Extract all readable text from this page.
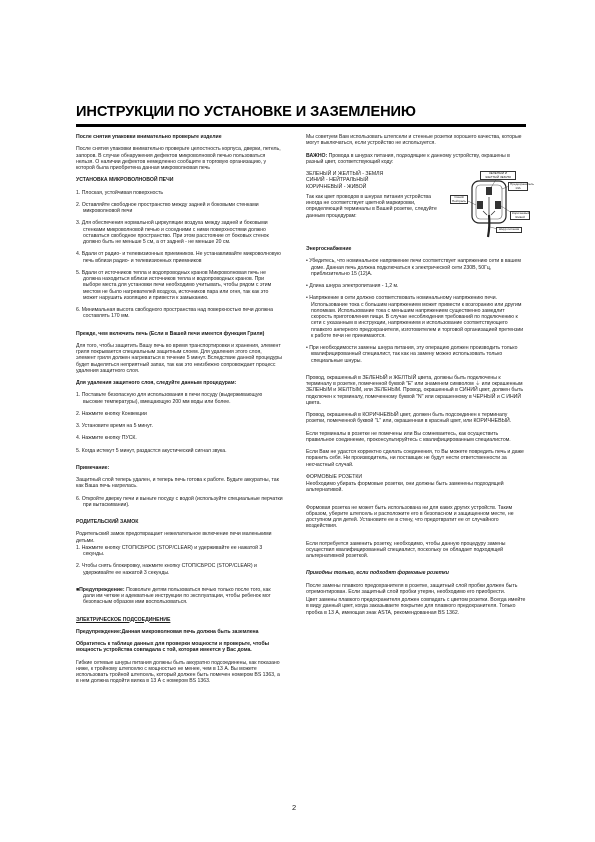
ИНСТРУКЦИИ ПО УСТАНОВКЕ И ЗАЗЕМЛЕНИЮ

После снятия упаковки внимательно проверьте изделие

После снятия упаковки внимательно проверьте целостность корпуса, дверки, петель, запоров. В случае обнаружения дефектов микроволновой печью пользоваться нельзя. О наличии дефектов немедленно сообщите в торговую организацию, у которой была приобретена данная микроволновая печь

УСТАНОВКА МИКРОВОЛНОВОЙ ПЕЧИ

1. Плоская, устойчивая поверхность

2. Оставляйте свободное пространство между задней и боковыми стенками микроволновой печи

3. Для обеспечения нормальной циркуляции воздуха между задней и боковыми стенками микроволновой печью и соседними с ними поверхностями должно оставаться свободное пространство. При этом расстояние от боковых стенок должно быть не меньше 5 см, а от задней - не меньше 20 см.

4. Вдали от радио- и телевизионных приемников. Не устанавливайте микроволновую печь вблизи радио- и телевизионных приемников

5. Вдали от источников тепла и водопроводных кранов Микроволновая печь не должна находиться вблизи источников тепла и водопроводных кранов. При выборе места для установки печи необходимо учитывать, чтобы рядом с этим местом не было нагревателей воздуха, источников пара или огня, так как это может нарушить изоляцию и привести к замыканию.

6. Минимальная высота свободного пространства над поверхностью печи должна составлять 170 мм.

Прежде, чем включить печь (Если в Вашей печи имеется функция Гриля)

Для того, чтобы защитить Вашу печь во время транспортировки и хранения, элемент гриля покрывается специальным защитным слоем. Для удаления этого слоя, элемент гриля должен нагреваться в течение 5 минут. Вследствие данной процедуры будет выделяться неприятный запах, так как это неизбежно сопровождает процесс удаления защитного слоя.

Для удаления защитного слоя, следуйте данным процедурам:

1. Поставьте безопасную для использования в печи посуду (выдерживающую высокие температуры), вмещающую 200 мм воды или более.

2. Нажмите кнопку Конвекции

3. Установите время на 5 минут.

4. Нажмите кнопку ПУСК.

5. Когда истекут 5 минут, раздастся акустический сигнал звука.

Примечание:

Защитный слой теперь удален, и теперь печь готова к работе. Будьте аккуратны, так как Ваша печь нагрелась.

6. Откройте дверку печи и выньте посуду с водой (используйте специальные перчатки при вытаскивании).

РОДИТЕЛЬСКИЙ ЗАМОК

Родительский замок предотвращает нежелательное включение печи маленькими детьми.

1. Нажмите кнопку СТОП/СБРОС (STOP/CLEAR) и удерживайте ее нажатой 3 секунды.

2. Чтобы снять блокировку, нажмите кнопку СТОП/СБРОС (STOP/CLEAR) и удерживайте ее нажатой 3 секунды.

■Предупреждение: Позвольте детям пользоваться печью только после того, как дали им четкие и адекватные инструкции по эксплуатации, чтобы ребенок мог безопасным образом ими воспользоваться.

ЭЛЕКТРИЧЕСКОЕ ПОДСОЕДИНЕНИЕ

Предупреждение:Данная микроволновая печь должна быть заземлена

Обратитесь к таблице данных для проверки мощности и проверьте, чтобы мощность устройства совпадала с той, которая имеется у Вас дома.

Гибкие сетевые шнуры питания должны быть аккуратно подсоединены, как показано ниже, к тройному штепселю с мощностью не менее, чем в 13 А. Вы можете использовать тройной штепсель, который должен быть помечен номером BS 1363, а в нем должна подойти вилка в 13 А с номером BS 1363.

Мы советуем Вам использовать штепсели и стенные розетки хорошего качества, которые могут выключаться, если устройство не используется.

ВАЖНО: Провода в шнурах питания, подходящие к данному устройству, окрашены в разный цвет, соответствующий коду:

ЗЕЛЕНЫЙ И ЖЕЛТЫЙ - ЗЕМЛЯ
СИНИЙ - НЕЙТРАЛЬНЫЙ
КОРИЧНЕВЫЙ - ЖИВОЙ
Так как цвет проводов в шнурах питания устройства иногда не соответствует цветной маркировки, определяющей терминалы в Вашей розетке, следуйте данным процедурам:
ЗЕЛЕНЫЙ И ЖЕЛТЫЙ ЗЕМЛЯ
Предохранитель 13А
Синий Нейтраль
Коричневый Живой
Шнур питания

Энергоснабжение

• Убедитесь, что номинальное напряжение печи соответствует напряжению сети в вашем доме. Данная печь должна подключаться к электрической сети 230В, 50Гц, приблизительно 15 (12)А.

• Длина шнура электропитания - 1,2 м.

• Напряжение в сети должно соответствовать номинальному напряжению печи. Использование тока с большим напряжением может привести к возгоранию или другим поломкам. Использование тока с меньшим напряжением существенно замедлит скорость приготовления пищи. В случае несоблюдения требований по подключению к сети с указанным в инструкции, напряжением и использование соответствующего плавкого анперного предохранителя, изготовителем и торговой организацией претензии к работе печи не принимаются.

• При необходимости замены шнура питания, эту операцию должен производить только квалифицированный специалист, так как на замену можно использовать только специальные шнуры.

Провод, окрашенный в ЗЕЛЕНЫЙ и ЖЕЛТЫЙ цвета, должны быть подключены к терминалу в розетке, помеченной буквой "Е" или знаменем символом ⏚ или окрашенным ЗЕЛЕНЫМ и ЖЕЛТЫМ, или ЗЕЛЕНЫМ. Провод, окрашенный в СИНИЙ цвет, должен быть подключен к терминалу, помеченному буквой "N" или окрашенному в ЧЕРНЫЙ и С ИНИЙ цвета.

Провод, окрашенный в КОРИЧНЕВЫЙ цвет, должен быть подсоединен к терминалу розетки, помеченной буквой "L" или, окрашенная в красный цвет, или КОРИЧНЕВЫЙ.

Если терминалы в розетке не помечены или Вы сомневаетесь, как осуществить правильное соединение, проконсультируйтесь с квалифицированным специалистом.

Если Вам не удастся корректно сделать соединения, то Вы можете повредить печь и даже поранить себя. Ни производитель, ни поставщик не будут нести ответственности за несчастный случай.

ФОРМОВЫЕ РОЗЕТКИ

Необходимо убирать формовые розетки, они должны быть заменены подходящей альтернативой.

Формовая розетка не может быть использована ни для каких других устройств. Таким образом, уберите штепсель и расположите его в безопасном и защищенном месте, не доступном для детей. Установите ее в стену, что предотвратит ее от случайного воздействия.

Если потребуется заменить розетку, необходимо, чтобы данную процедуру замены осуществил квалифицированный специалист, поскольку он обладает подходящей альтернативной розеткой.

Пригодны только, если подходят формовые розетки

После замены плавкого предохранителя в розетке, защитный слой пробки должен быть отремонтирован. Если защитный слой пробки утерян, необходимо его приобрести.

Цвет замены плавкого предохранителя должен совпадать с цветом розетки. Всегда имейте в виду данный цвет, когда заказываете покрытие для плавкого предохранителя. Только пробка в 13 А, имеющая знак ASTA, рекомендованная BS 1362.

2
